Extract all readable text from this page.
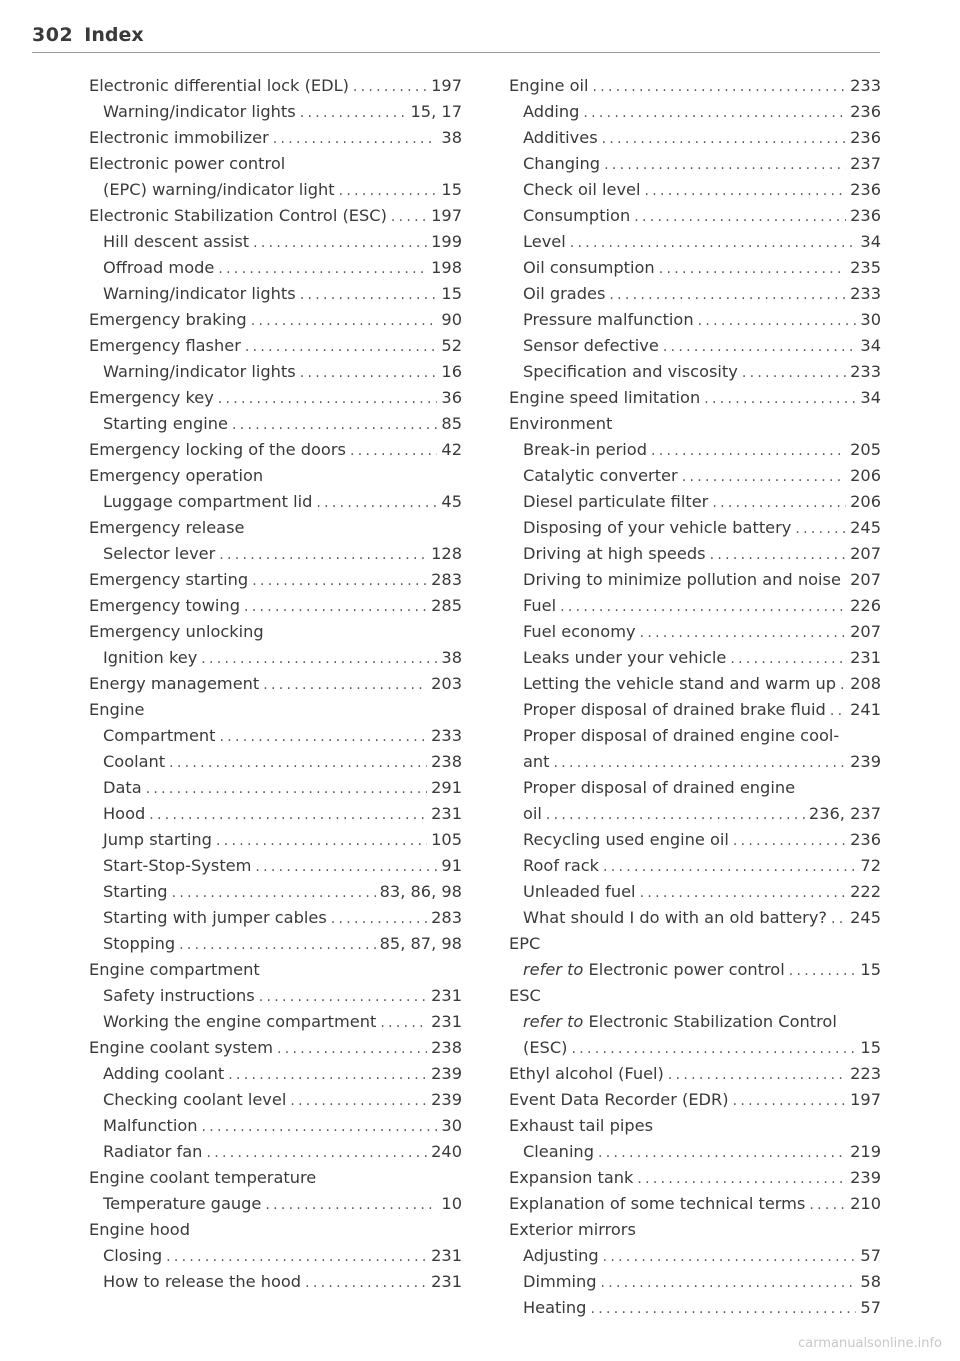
302 Index
Electronic differential lock (EDL) .....	197
Warning/indicator lights .....	15, 17
Electronic immobilizer .....	38
Electronic power control
(EPC) warning/indicator light .....	15
Electronic Stabilization Control (ESC) .....	197
Hill descent assist .....	199
Offroad mode .....	198
Warning/indicator lights .....	15
Emergency braking .....	90
Emergency flasher .....	52
Warning/indicator lights .....	16
Emergency key .....	36
Starting engine .....	85
Emergency locking of the doors .....	42
Emergency operation
Luggage compartment lid .....	45
Emergency release
Selector lever .....	128
Emergency starting .....	283
Emergency towing .....	285
Emergency unlocking
Ignition key .....	38
Energy management .....	203
Engine
Compartment .....	233
Coolant .....	238
Data .....	291
Hood .....	231
Jump starting .....	105
Start-Stop-System .....	91
Starting .....	83, 86, 98
Starting with jumper cables .....	283
Stopping .....	85, 87, 98
Engine compartment
Safety instructions .....	231
Working the engine compartment .....	231
Engine coolant system .....	238
Adding coolant .....	239
Checking coolant level .....	239
Malfunction .....	30
Radiator fan .....	240
Engine coolant temperature
Temperature gauge .....	10
Engine hood
Closing .....	231
How to release the hood .....	231
Engine oil .....	233
Adding .....	236
Additives .....	236
Changing .....	237
Check oil level .....	236
Consumption .....	236
Level .....	34
Oil consumption .....	235
Oil grades .....	233
Pressure malfunction .....	30
Sensor defective .....	34
Specification and viscosity .....	233
Engine speed limitation .....	34
Environment
Break-in period .....	205
Catalytic converter .....	206
Diesel particulate filter .....	206
Disposing of your vehicle battery .....	245
Driving at high speeds .....	207
Driving to minimize pollution and noise 207
Fuel .....	226
Fuel economy .....	207
Leaks under your vehicle .....	231
Letting the vehicle stand and warm up ..... 208
Proper disposal of drained brake fluid ..... 241
Proper disposal of drained engine cool-
ant .....	239
Proper disposal of drained engine
oil .....	236, 237
Recycling used engine oil .....	236
Roof rack .....	72
Unleaded fuel .....	222
What should I do with an old battery? ..... 245
EPC
refer to Electronic power control .....	15
ESC
refer to Electronic Stabilization Control
(ESC) .....	15
Ethyl alcohol (Fuel) .....	223
Event Data Recorder (EDR) .....	197
Exhaust tail pipes
Cleaning .....	219
Expansion tank .....	239
Explanation of some technical terms .....	210
Exterior mirrors
Adjusting .....	57
Dimming .....	58
Heating .....	57
carmanualsonline.info
